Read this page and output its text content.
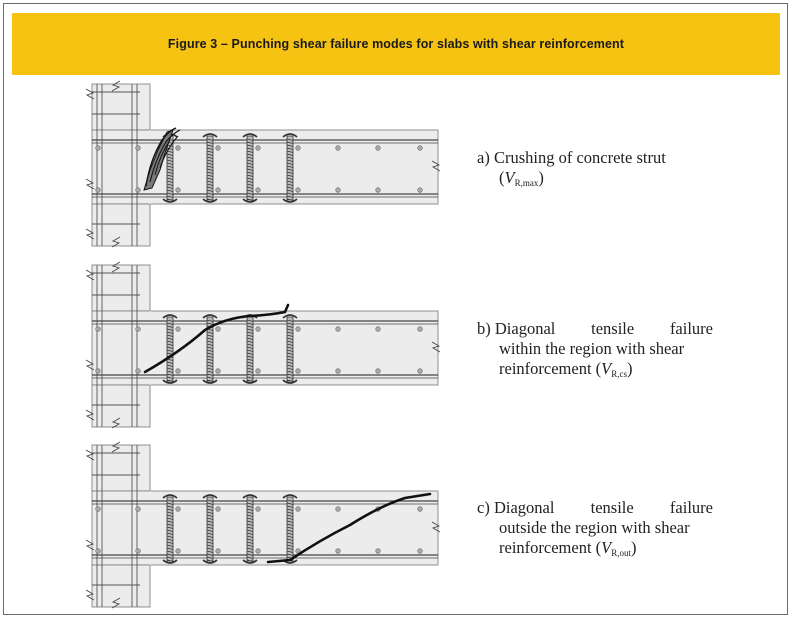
Figure 3 – Punching shear failure modes for slabs with shear reinforcement
a) Crushing of concrete strut
$(V_{R,max})$
b) Diagonal tensile failure
within the region with shear
reinforcement $(V_{R,cs})$
c) Diagonal tensile failure
outside the region with shear
reinforcement $(V_{R,out})$
